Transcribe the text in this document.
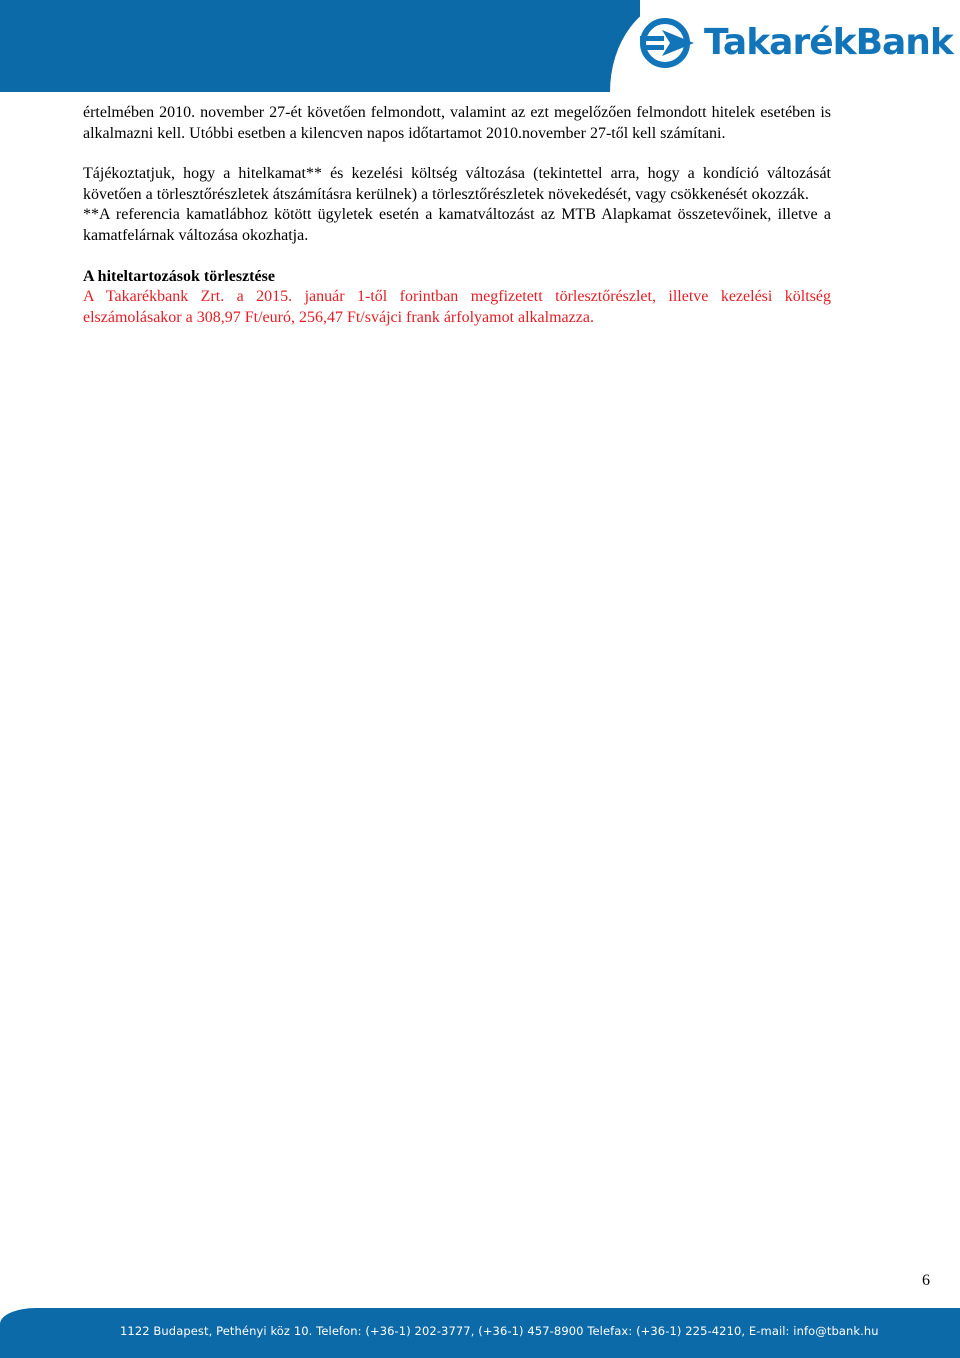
TakarékBank

értelmében 2010. november 27-ét követően felmondott, valamint az ezt megelőzően felmondott hitelek esetében is alkalmazni kell. Utóbbi esetben a kilencven napos időtartamot 2010.november 27-től kell számítani.

Tájékoztatjuk, hogy a hitelkamat** és kezelési költség változása (tekintettel arra, hogy a kondíció változását követően a törlesztőrészletek átszámításra kerülnek) a törlesztőrészletek növekedését, vagy csökkenését okozzák.

**A referencia kamatlábhoz kötött ügyletek esetén a kamatváltozást az MTB Alapkamat összetevőinek, illetve a kamatfelárnak változása okozhatja.

A hiteltartozások törlesztése

A Takarékbank Zrt. a 2015. január 1-től forintban megfizetett törlesztőrészlet, illetve kezelési költség elszámolásakor a 308,97 Ft/euró, 256,47 Ft/svájci frank árfolyamot alkalmazza.

6
1122 Budapest, Pethényi köz 10. Telefon: (+36-1) 202-3777, (+36-1) 457-8900 Telefax: (+36-1) 225-4210, E-mail: info@tbank.hu
